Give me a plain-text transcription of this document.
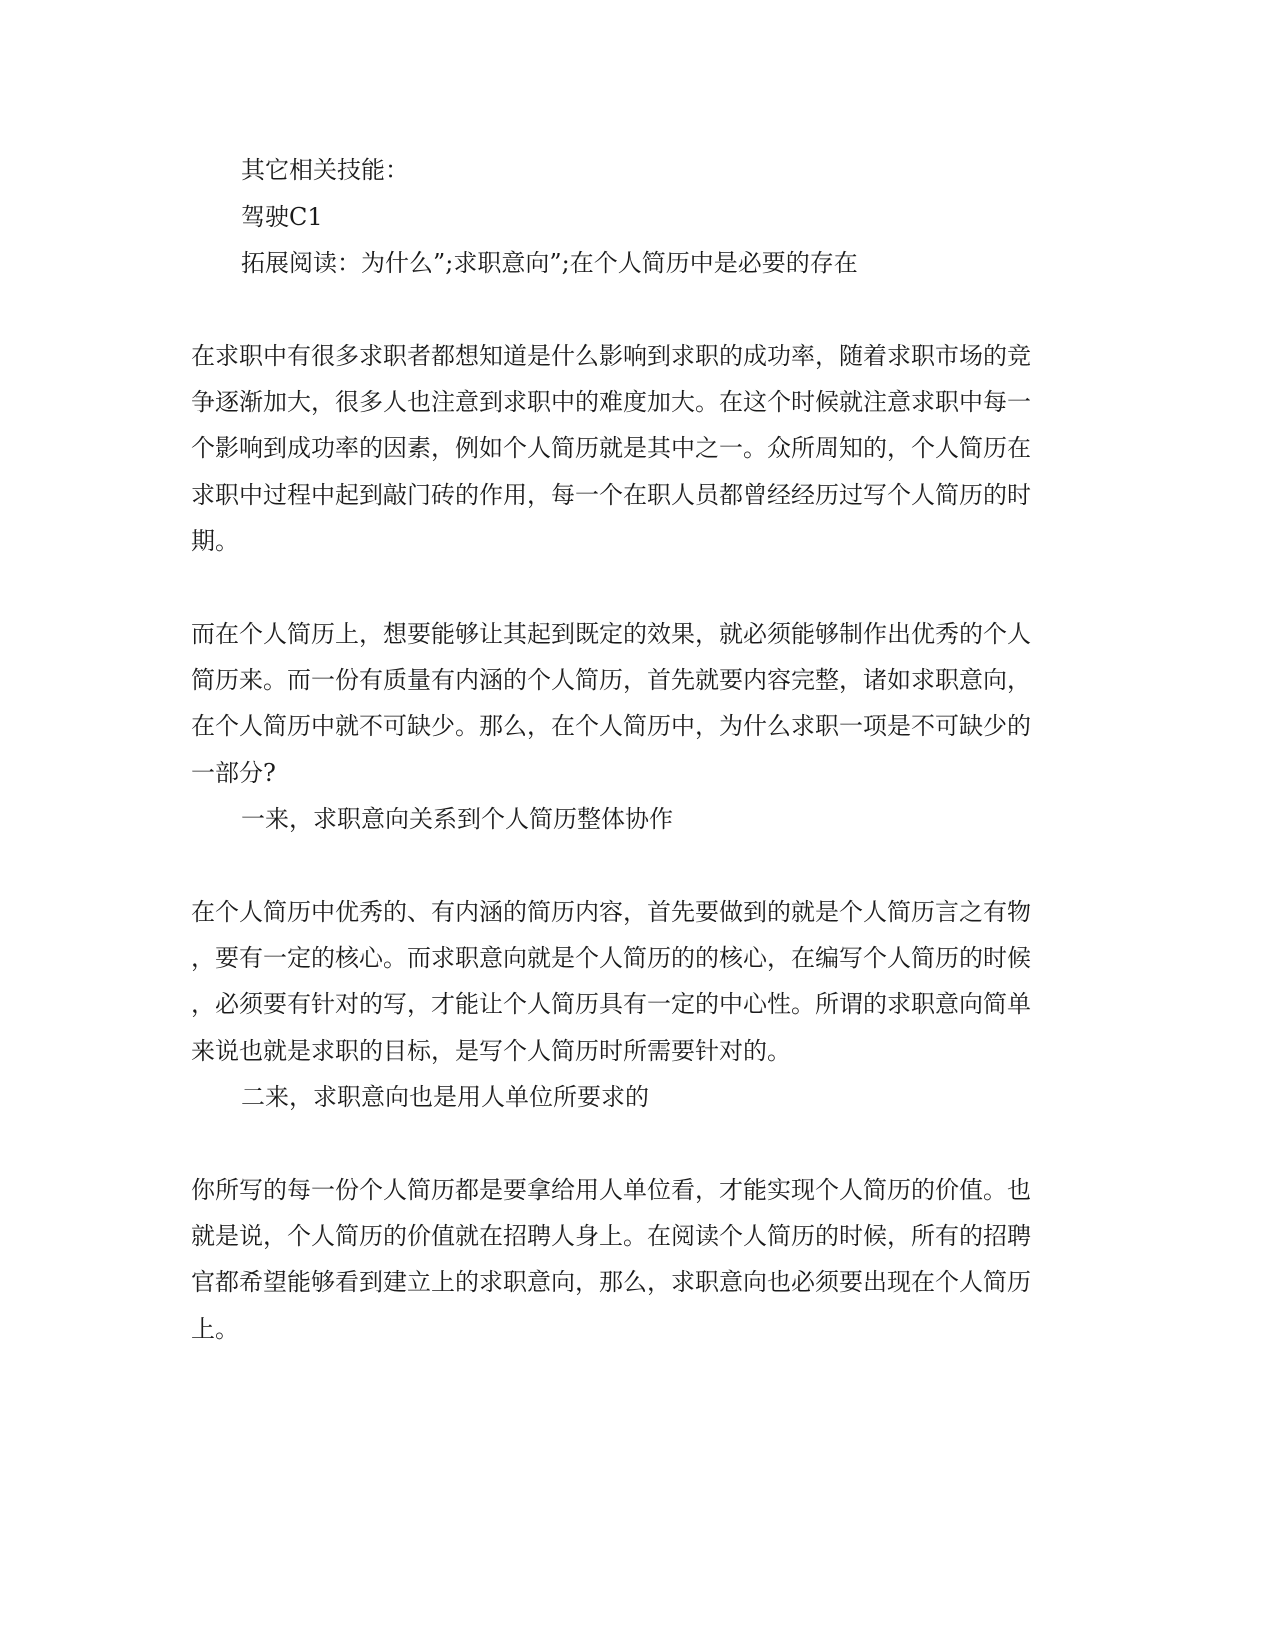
其它相关技能：

驾驶C1

拓展阅读：为什么”;求职意向”;在个人简历中是必要的存在

在求职中有很多求职者都想知道是什么影响到求职的成功率，随着求职市场的竞

争逐渐加大，很多人也注意到求职中的难度加大。在这个时候就注意求职中每一

个影响到成功率的因素，例如个人简历就是其中之一。众所周知的，个人简历在

求职中过程中起到敲门砖的作用，每一个在职人员都曾经经历过写个人简历的时

期。

而在个人简历上，想要能够让其起到既定的效果，就必须能够制作出优秀的个人

简历来。而一份有质量有内涵的个人简历，首先就要内容完整，诸如求职意向，

在个人简历中就不可缺少。那么，在个人简历中，为什么求职一项是不可缺少的

一部分?

一来，求职意向关系到个人简历整体协作

在个人简历中优秀的、有内涵的简历内容，首先要做到的就是个人简历言之有物

，要有一定的核心。而求职意向就是个人简历的的核心，在编写个人简历的时候

，必须要有针对的写，才能让个人简历具有一定的中心性。所谓的求职意向简单

来说也就是求职的目标，是写个人简历时所需要针对的。

二来，求职意向也是用人单位所要求的

你所写的每一份个人简历都是要拿给用人单位看，才能实现个人简历的价值。也

就是说，个人简历的价值就在招聘人身上。在阅读个人简历的时候，所有的招聘

官都希望能够看到建立上的求职意向，那么，求职意向也必须要出现在个人简历

上。
